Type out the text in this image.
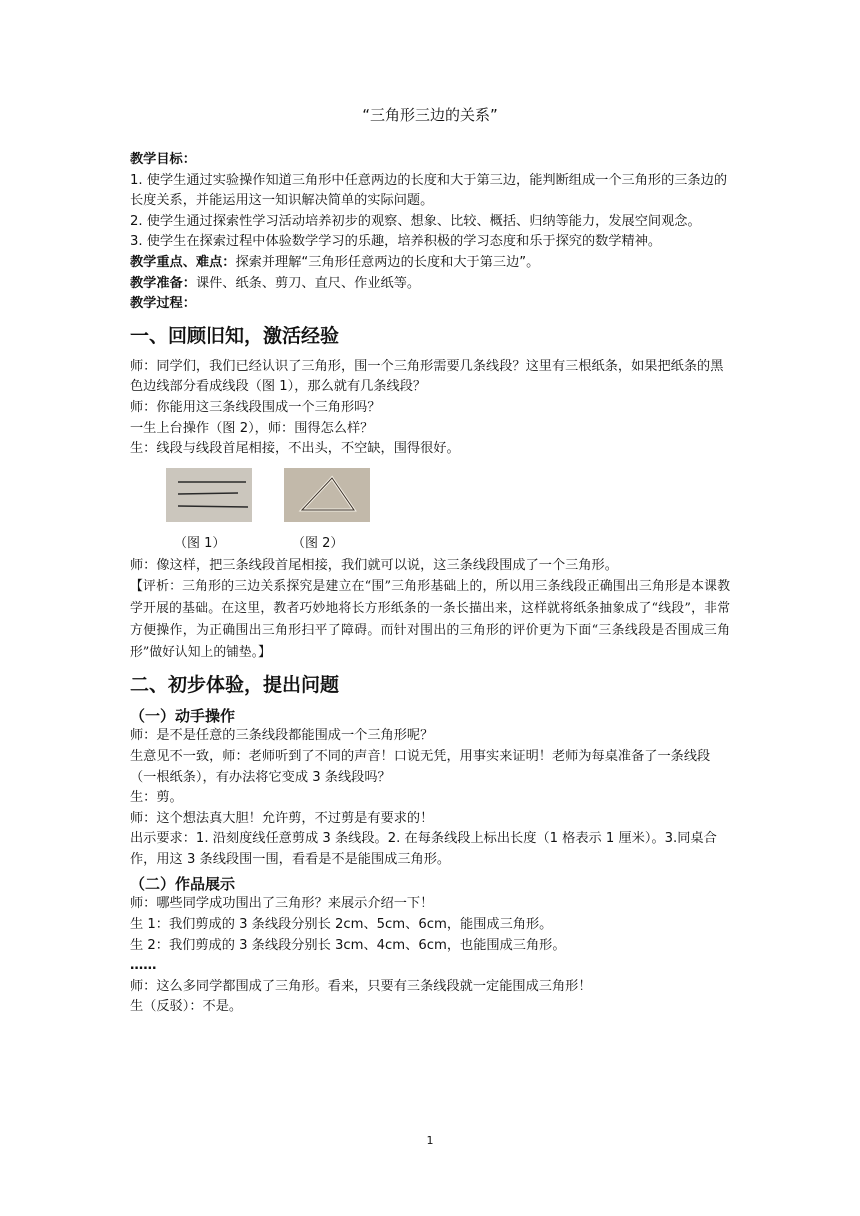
“三角形三边的关系”

教学目标：

1. 使学生通过实验操作知道三角形中任意两边的长度和大于第三边，能判断组成一个三角形的三条边的长度关系，并能运用这一知识解决简单的实际问题。

2. 使学生通过探索性学习活动培养初步的观察、想象、比较、概括、归纳等能力，发展空间观念。

3. 使学生在探索过程中体验数学学习的乐趣，培养积极的学习态度和乐于探究的数学精神。

教学重点、难点：探索并理解“三角形任意两边的长度和大于第三边”。

教学准备：课件、纸条、剪刀、直尺、作业纸等。

教学过程：

一、回顾旧知，激活经验

师：同学们，我们已经认识了三角形，围一个三角形需要几条线段？这里有三根纸条，如果把纸条的黑色边线部分看成线段（图 1），那么就有几条线段？

师：你能用这三条线段围成一个三角形吗？

一生上台操作（图 2），师：围得怎么样？

生：线段与线段首尾相接，不出头，不空缺，围得很好。

（图 1）	（图 2）

师：像这样，把三条线段首尾相接，我们就可以说，这三条线段围成了一个三角形。

【评析：三角形的三边关系探究是建立在“围”三角形基础上的，所以用三条线段正确围出三角形是本课教学开展的基础。在这里，教者巧妙地将长方形纸条的一条长描出来，这样就将纸条抽象成了“线段”，非常方便操作，为正确围出三角形扫平了障碍。而针对围出的三角形的评价更为下面“三条线段是否围成三角形”做好认知上的铺垫。】

二、初步体验，提出问题

（一）动手操作

师：是不是任意的三条线段都能围成一个三角形呢？

生意见不一致，师：老师听到了不同的声音！口说无凭，用事实来证明！老师为每桌准备了一条线段（一根纸条），有办法将它变成 3 条线段吗？

生：剪。

师：这个想法真大胆！允许剪，不过剪是有要求的！

出示要求：1. 沿刻度线任意剪成 3 条线段。2. 在每条线段上标出长度（1 格表示 1 厘米）。3.同桌合作，用这 3 条线段围一围，看看是不是能围成三角形。

（二）作品展示

师：哪些同学成功围出了三角形？来展示介绍一下！

生 1：我们剪成的 3 条线段分别长 2cm、5cm、6cm，能围成三角形。

生 2：我们剪成的 3 条线段分别长 3cm、4cm、6cm，也能围成三角形。

……

师：这么多同学都围成了三角形。看来，只要有三条线段就一定能围成三角形！

生（反驳）：不是。

1
